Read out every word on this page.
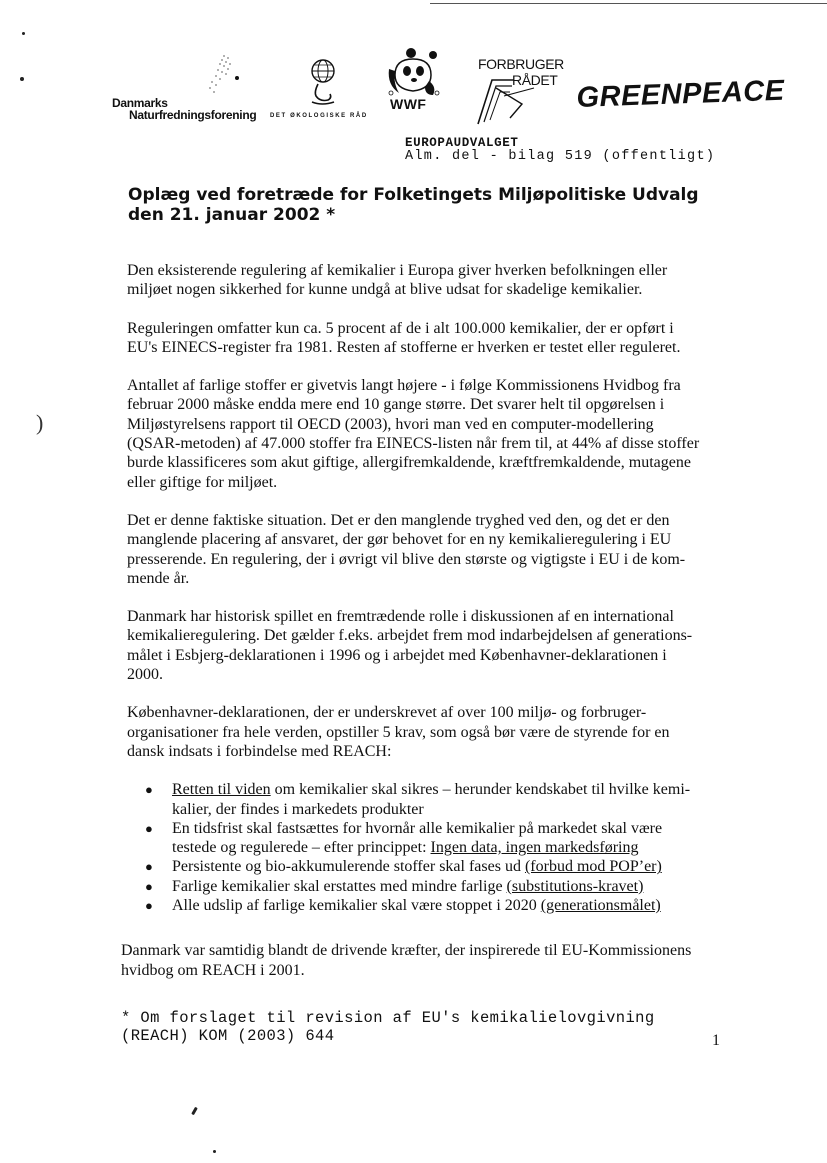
Danmarks
Naturfredningsforening DET ØKOLOGISKE RÅD
WWF
FORBRUGER
RÅDET GREENPEACE
EUROPAUDVALGET
Alm. del - bilag 519 (offentligt)
Oplæg ved foretræde for Folketingets Miljøpolitiske Udvalg
den 21. januar 2002 *
)

Den eksisterende regulering af kemikalier i Europa giver hverken befolkningen eller
miljøet nogen sikkerhed for kunne undgå at blive udsat for skadelige kemikalier.

Reguleringen omfatter kun ca. 5 procent af de i alt 100.000 kemikalier, der er opført i
EU's EINECS-register fra 1981. Resten af stofferne er hverken er testet eller reguleret.

Antallet af farlige stoffer er givetvis langt højere - i følge Kommissionens Hvidbog fra
februar 2000 måske endda mere end 10 gange større. Det svarer helt til opgørelsen i
Miljøstyrelsens rapport til OECD (2003), hvori man ved en computer-modellering
(QSAR-metoden) af 47.000 stoffer fra EINECS-listen når frem til, at 44% af disse stoffer
burde klassificeres som akut giftige, allergifremkaldende, kræftfremkaldende, mutagene
eller giftige for miljøet.

Det er denne faktiske situation. Det er den manglende tryghed ved den, og det er den
manglende placering af ansvaret, der gør behovet for en ny kemikalieregulering i EU
presserende. En regulering, der i øvrigt vil blive den største og vigtigste i EU i de kom-
mende år.

Danmark har historisk spillet en fremtrædende rolle i diskussionen af en international
kemikalieregulering. Det gælder f.eks. arbejdet frem mod indarbejdelsen af generations-
målet i Esbjerg-deklarationen i 1996 og i arbejdet med Københavner-deklarationen i
2000.

Københavner-deklarationen, der er underskrevet af over 100 miljø- og forbruger-
organisationer fra hele verden, opstiller 5 krav, som også bør være de styrende for en
dansk indsats i forbindelse med REACH:

● Retten til viden om kemikalier skal sikres – herunder kendskabet til hvilke kemi-
kalier, der findes i markedets produkter
● En tidsfrist skal fastsættes for hvornår alle kemikalier på markedet skal være
testede og regulerede – efter princippet: Ingen data, ingen markedsføring
● Persistente og bio-akkumulerende stoffer skal fases ud (forbud mod POP’er)
● Farlige kemikalier skal erstattes med mindre farlige (substitutions-kravet)
● Alle udslip af farlige kemikalier skal være stoppet i 2020 (generationsmålet)
Danmark var samtidig blandt de drivende kræfter, der inspirerede til EU-Kommissionens
hvidbog om REACH i 2001.
* Om forslaget til revision af EU's kemikalielovgivning
(REACH) KOM (2003) 644	1
